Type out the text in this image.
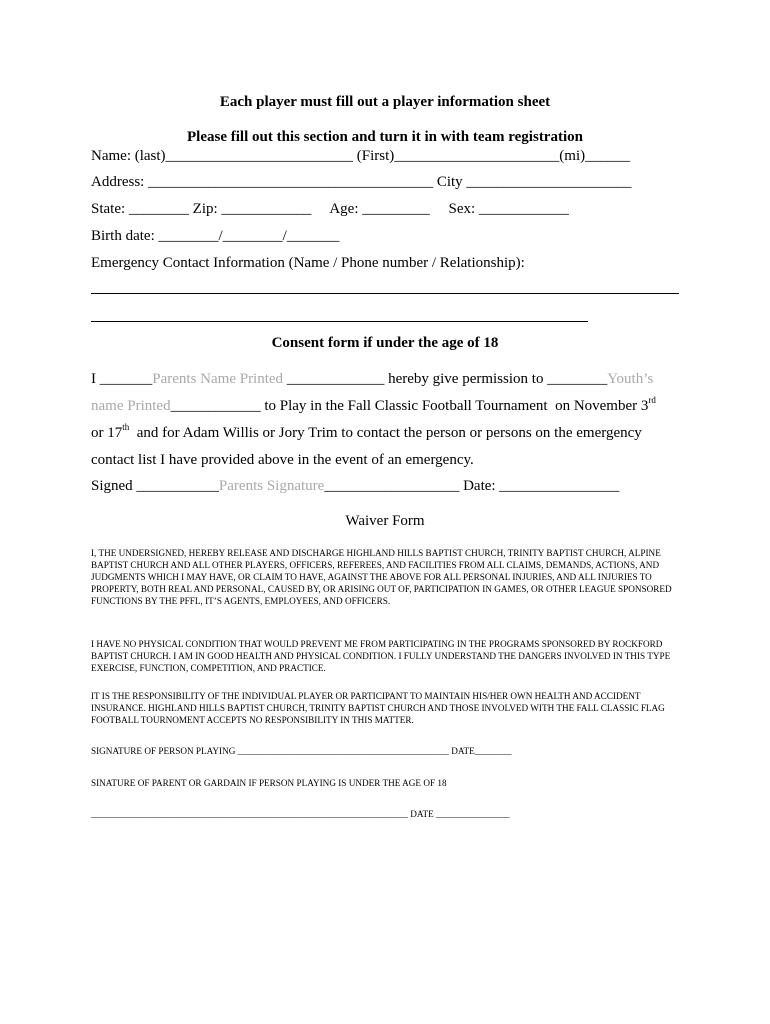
Each player must fill out a player information sheet
Please fill out this section and turn it in with team registration
Name: (last)_________________________ (First)______________________(mi)______
Address: ______________________________________ City ______________________
State: ________ Zip: ____________     Age: _________     Sex: ____________
Birth date: ________/________/_______
Emergency Contact Information (Name / Phone number / Relationship):
Consent form if under the age of 18
I _______Parents Name Printed _____________ hereby give permission to ________Youth’s
name Printed____________ to Play in the Fall Classic Football Tournament  on November 3rd
or 17th  and for Adam Willis or Jory Trim to contact the person or persons on the emergency
contact list I have provided above in the event of an emergency.
Signed ___________Parents Signature__________________ Date: ________________
Waiver Form
I, THE UNDERSIGNED, HEREBY RELEASE AND DISCHARGE HIGHLAND HILLS BAPTIST CHURCH, TRINITY BAPTIST CHURCH, ALPINE BAPTIST CHURCH AND ALL OTHER PLAYERS, OFFICERS, REFEREES, AND FACILITIES FROM ALL CLAIMS, DEMANDS, ACTIONS, AND JUDGMENTS WHICH I MAY HAVE, OR CLAIM TO HAVE, AGAINST THE ABOVE FOR ALL PERSONAL INJURIES, AND ALL INJURIES TO PROPERTY, BOTH REAL AND PERSONAL, CAUSED BY, OR ARISING OUT OF, PARTICIPATION IN GAMES, OR OTHER LEAGUE SPONSORED FUNCTIONS BY THE PFFL, IT’S AGENTS, EMPLOYEES, AND OFFICERS.
I HAVE NO PHYSICAL CONDITION THAT WOULD PREVENT ME FROM PARTICIPATING IN THE PROGRAMS SPONSORED BY ROCKFORD BAPTIST CHURCH. I AM IN GOOD HEALTH AND PHYSICAL CONDITION. I FULLY UNDERSTAND THE DANGERS INVOLVED IN THIS TYPE EXERCISE, FUNCTION, COMPETITION, AND PRACTICE.
IT IS THE RESPONSIBILITY OF THE INDIVIDUAL PLAYER OR PARTICIPANT TO MAINTAIN HIS/HER OWN HEALTH AND ACCIDENT INSURANCE. HIGHLAND HILLS BAPTIST CHURCH, TRINITY BAPTIST CHURCH AND THOSE INVOLVED WITH THE FALL CLASSIC FLAG FOOTBALL TOURNOMENT ACCEPTS NO RESPONSIBILITY IN THIS MATTER.
SIGNATURE OF PERSON PLAYING ______________________________________________ DATE________
SINATURE OF PARENT OR GARDAIN IF PERSON PLAYING IS UNDER THE AGE OF 18
_____________________________________________________________________ DATE ________________
